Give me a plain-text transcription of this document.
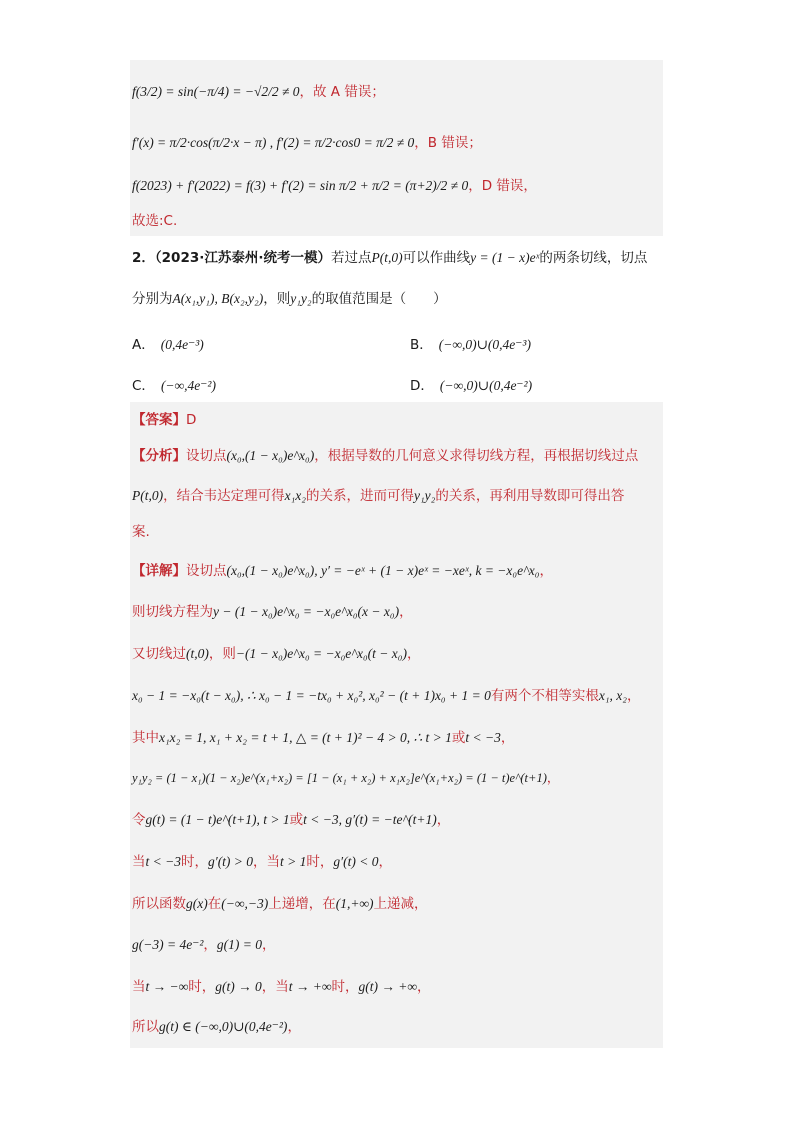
f(3/2) = sin(−π/4) = −√2/2 ≠ 0，故 A 错误；
f′(x) = π/2·cos(π/2·x − π) , f′(2) = π/2·cos0 = π/2 ≠ 0，B 错误；
f(2023) + f′(2022) = f(3) + f′(2) = sin π/2 + π/2 = (π+2)/2 ≠ 0，D 错误，
故选:C.
2．（2023·江苏泰州·统考一模）若过点P(t,0)可以作曲线y = (1 − x)eˣ的两条切线，切点
分别为A(x₁,y₁), B(x₂,y₂)，则y₁y₂的取值范围是（　　）
A． (0,4e⁻³)	B． (−∞,0)∪(0,4e⁻³)
C． (−∞,4e⁻²)	D． (−∞,0)∪(0,4e⁻²)
【答案】D
【分析】设切点(x₀,(1 − x₀)e^x₀)，根据导数的几何意义求得切线方程，再根据切线过点
P(t,0)，结合韦达定理可得x₁x₂的关系，进而可得y₁y₂的关系，再利用导数即可得出答
案.
【详解】设切点(x₀,(1 − x₀)e^x₀), y′ = −eˣ + (1 − x)eˣ = −xeˣ, k = −x₀e^x₀，
则切线方程为y − (1 − x₀)e^x₀ = −x₀e^x₀(x − x₀)，
又切线过(t,0)，则−(1 − x₀)e^x₀ = −x₀e^x₀(t − x₀)，
x₀ − 1 = −x₀(t − x₀), ∴ x₀ − 1 = −tx₀ + x₀², x₀² − (t + 1)x₀ + 1 = 0有两个不相等实根x₁, x₂，
其中x₁x₂ = 1, x₁ + x₂ = t + 1, △ = (t + 1)² − 4 > 0, ∴ t > 1或t < −3，
y₁y₂ = (1 − x₁)(1 − x₂)e^(x₁+x₂) = [1 − (x₁ + x₂) + x₁x₂]e^(x₁+x₂) = (1 − t)e^(t+1)，
令g(t) = (1 − t)e^(t+1), t > 1或t < −3, g′(t) = −te^(t+1)，
当t < −3时，g′(t) > 0，当t > 1时，g′(t) < 0，
所以函数g(x)在(−∞,−3)上递增，在(1,+∞)上递减，
g(−3) = 4e⁻²，g(1) = 0，
当t → −∞时，g(t) → 0，当t → +∞时，g(t) → +∞，
所以g(t) ∈ (−∞,0)∪(0,4e⁻²)，
